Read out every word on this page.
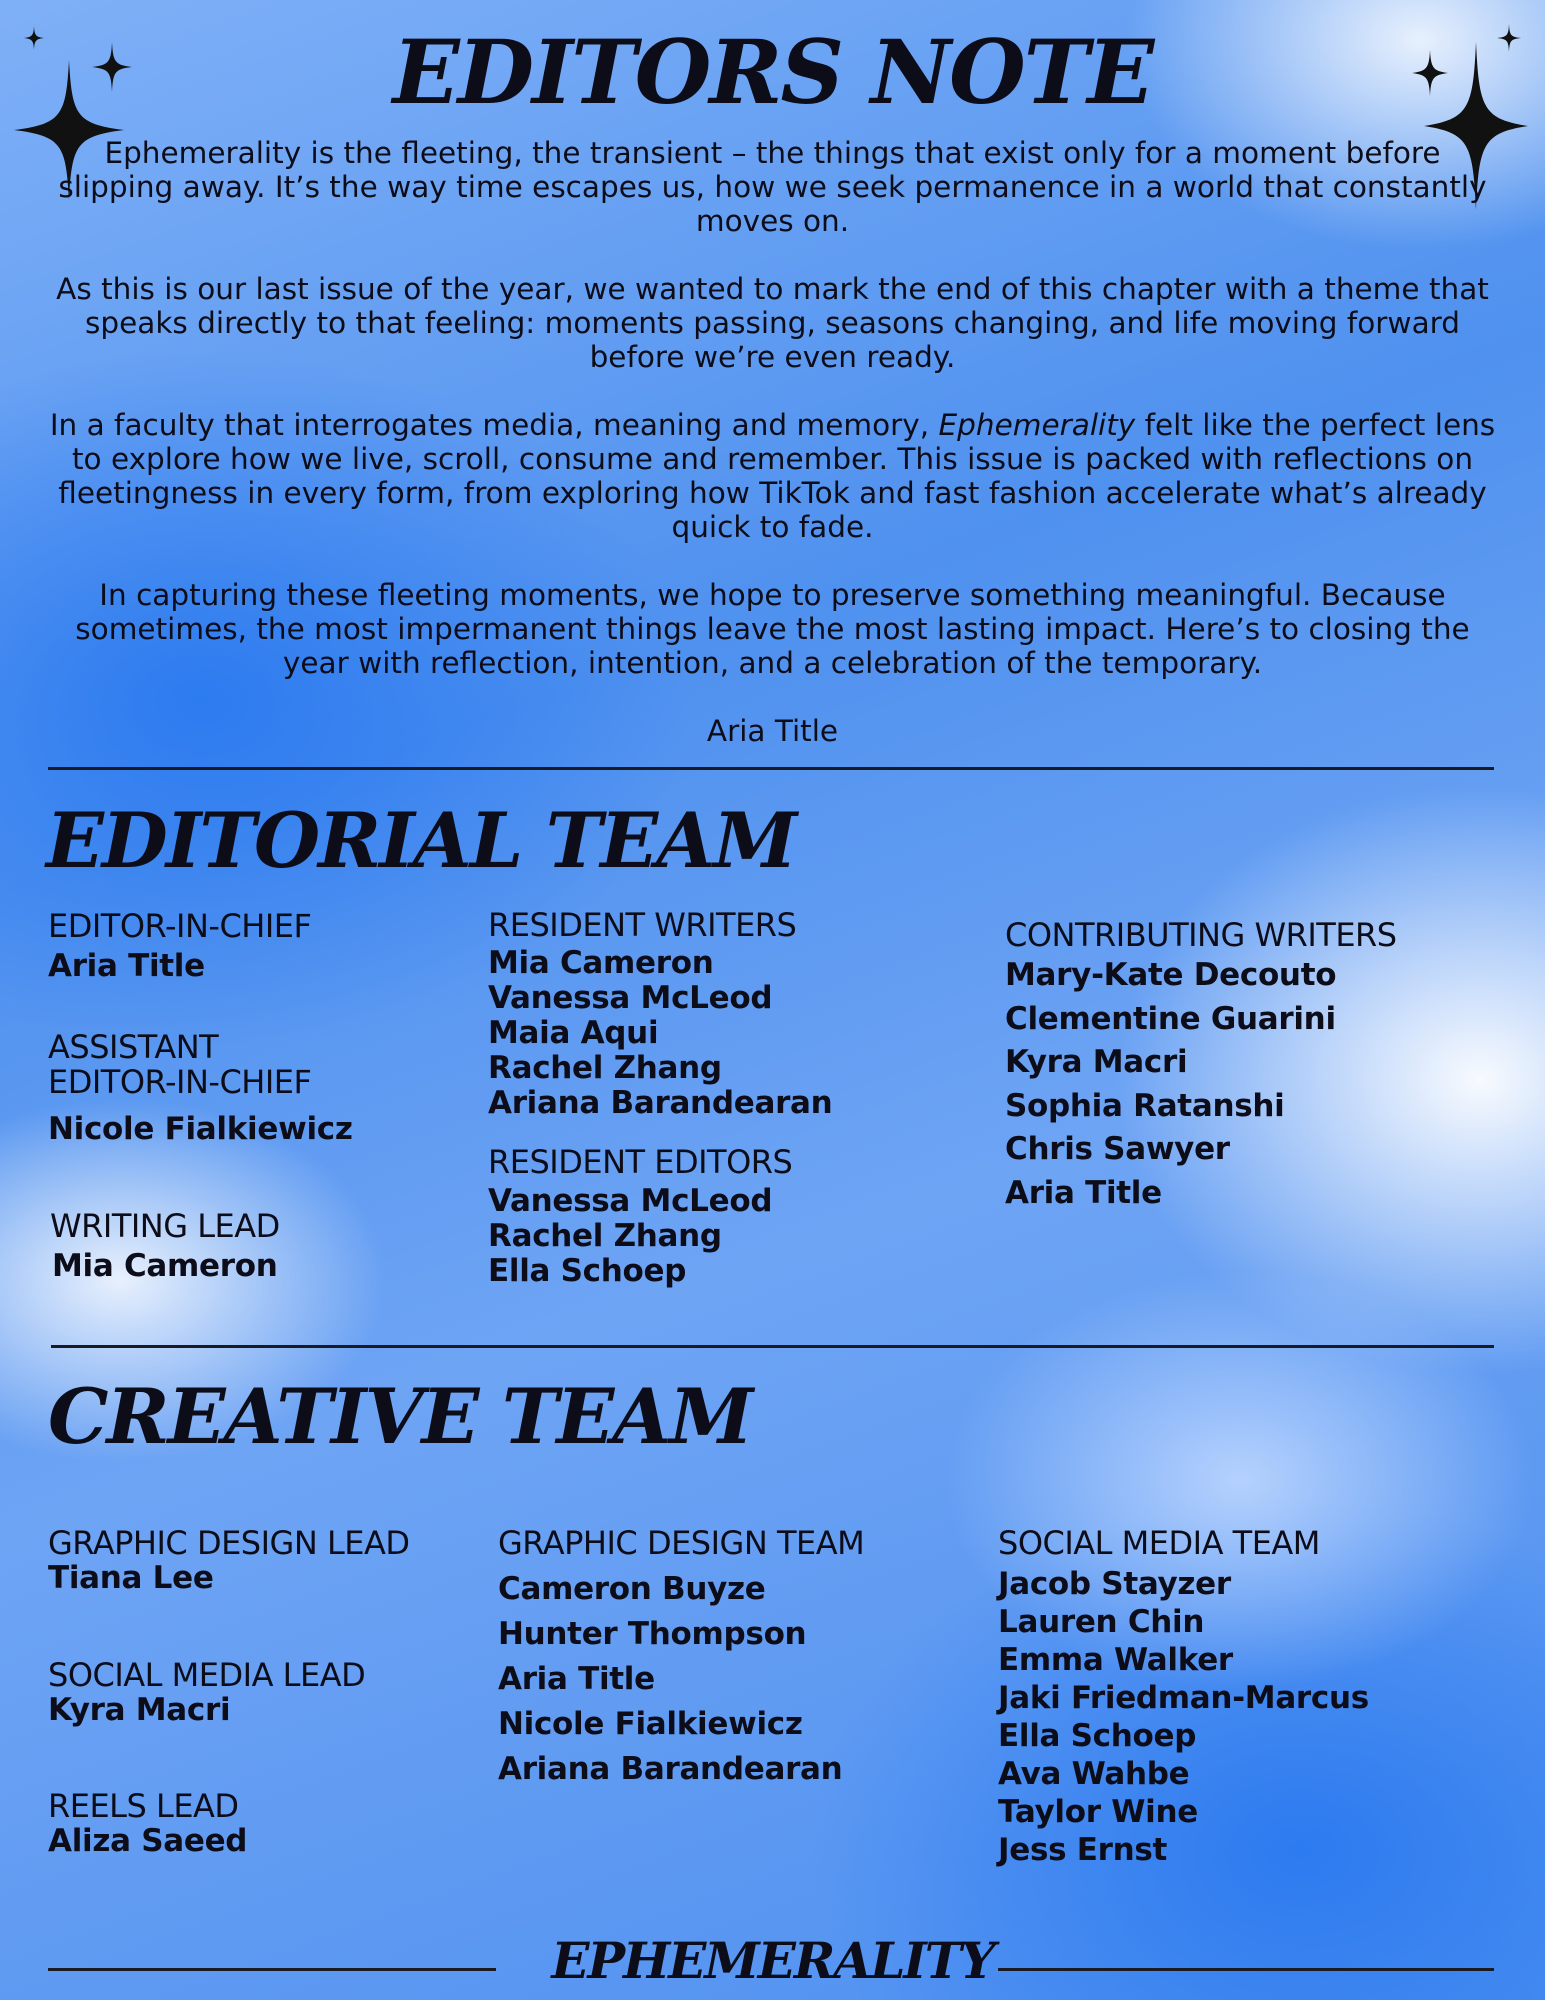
EDITORS NOTE

Ephemerality is the fleeting, the transient – the things that exist only for a moment before slipping away. It’s the way time escapes us, how we seek permanence in a world that constantly moves on.

As this is our last issue of the year, we wanted to mark the end of this chapter with a theme that speaks directly to that feeling: moments passing, seasons changing, and life moving forward before we’re even ready.

In a faculty that interrogates media, meaning and memory, Ephemerality felt like the perfect lens to explore how we live, scroll, consume and remember. This issue is packed with reflections on fleetingness in every form, from exploring how TikTok and fast fashion accelerate what’s already quick to fade.

In capturing these fleeting moments, we hope to preserve something meaningful. Because sometimes, the most impermanent things leave the most lasting impact. Here’s to closing the year with reflection, intention, and a celebration of the temporary.

Aria Title

EDITORIAL TEAM

EDITOR-IN-CHIEF

Aria Title

ASSISTANT

EDITOR-IN-CHIEF

Nicole Fialkiewicz

WRITING LEAD

Mia Cameron

RESIDENT WRITERS

Mia Cameron

Vanessa McLeod

Maia Aqui

Rachel Zhang

Ariana Barandearan

RESIDENT EDITORS

Vanessa McLeod

Rachel Zhang

Ella Schoep

CONTRIBUTING WRITERS

Mary-Kate Decouto

Clementine Guarini

Kyra Macri

Sophia Ratanshi

Chris Sawyer

Aria Title

CREATIVE TEAM

GRAPHIC DESIGN LEAD

Tiana Lee

SOCIAL MEDIA LEAD

Kyra Macri

REELS LEAD

Aliza Saeed

GRAPHIC DESIGN TEAM

Cameron Buyze

Hunter Thompson

Aria Title

Nicole Fialkiewicz

Ariana Barandearan

SOCIAL MEDIA TEAM

Jacob Stayzer

Lauren Chin

Emma Walker

Jaki Friedman-Marcus

Ella Schoep

Ava Wahbe

Taylor Wine

Jess Ernst

EPHEMERALITY
